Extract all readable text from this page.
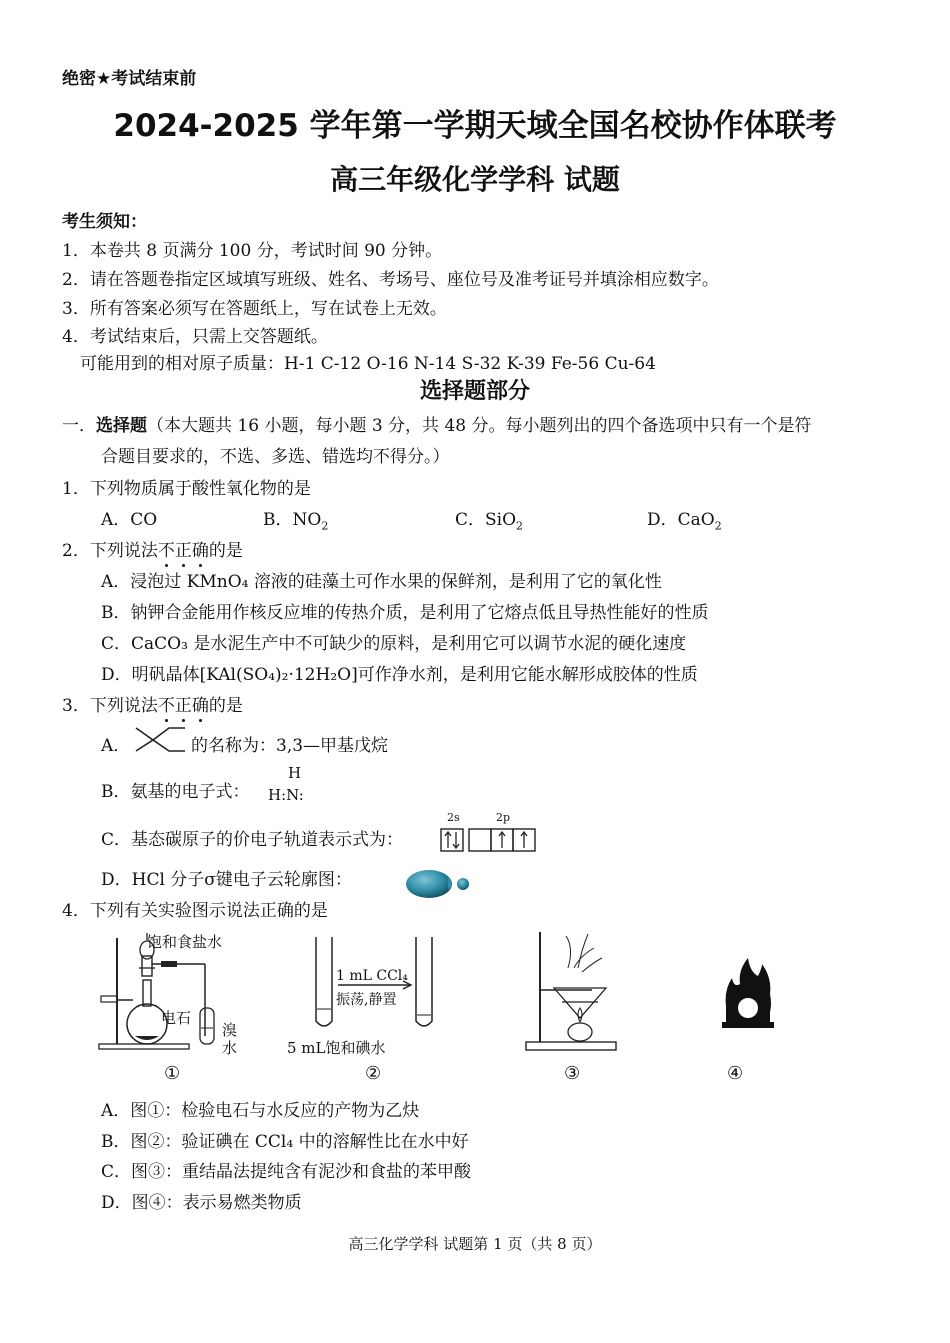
绝密★考试结束前
2024-2025 学年第一学期天域全国名校协作体联考
高三年级化学学科 试题
考生须知：
1．本卷共 8 页满分 100 分，考试时间 90 分钟。
2．请在答题卷指定区域填写班级、姓名、考场号、座位号及准考证号并填涂相应数字。
3．所有答案必须写在答题纸上，写在试卷上无效。
4．考试结束后，只需上交答题纸。
可能用到的相对原子质量：H-1 C-12 O-16 N-14 S-32 K-39 Fe-56 Cu-64
选择题部分
一．选择题（本大题共 16 小题，每小题 3 分，共 48 分。每小题列出的四个备选项中只有一个是符
合题目要求的，不选、多选、错选均不得分。）
1．下列物质属于酸性氧化物的是
A．CO	B．$NO_2$	C．SiO$_2$	D．CaO$_2$
2．下列说法不正确的是
A．浸泡过 KMnO₄ 溶液的硅藻土可作水果的保鲜剂，是利用了它的氧化性
B．钠钾合金能用作核反应堆的传热介质，是利用了它熔点低且导热性能好的性质
C．CaCO₃ 是水泥生产中不可缺少的原料，是利用它可以调节水泥的硬化速度
D．明矾晶体[KAl(SO₄)₂·12H₂O]可作净水剂，是利用它能水解形成胶体的性质
3．下列说法不正确的是
A．	的名称为：3,3—甲基戊烷
B．氨基的电子式：
H
H:N:
C．基态碳原子的价电子轨道表示式为：
2s	2p
D．HCl 分子σ键电子云轮廓图：
4．下列有关实验图示说法正确的是
饱和食盐水
电石
溴
水
1 mL CCl₄
振荡,静置
5 mL饱和碘水
①	②	③	④
A．图①：检验电石与水反应的产物为乙炔
B．图②：验证碘在 CCl₄ 中的溶解性比在水中好
C．图③：重结晶法提纯含有泥沙和食盐的苯甲酸
D．图④：表示易燃类物质
高三化学学科 试题第 1 页（共 8 页）
